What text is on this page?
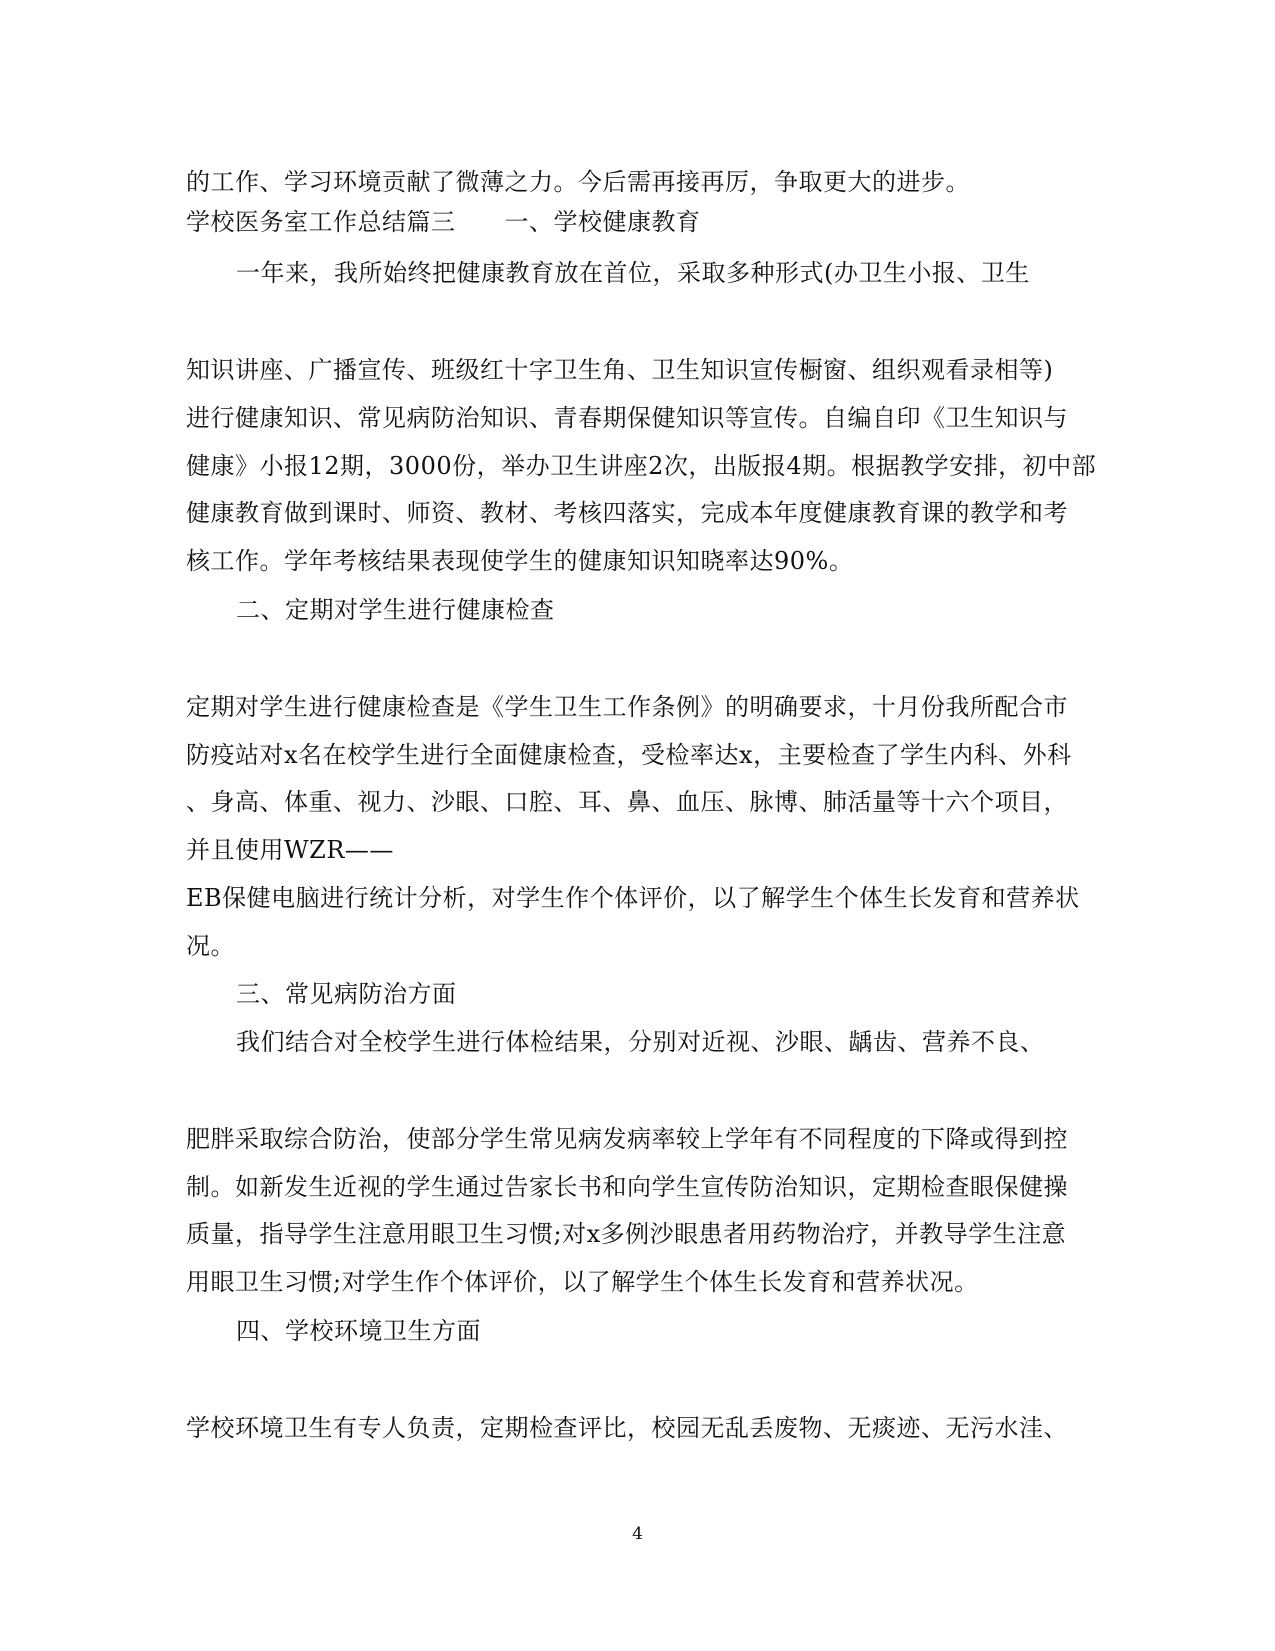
的工作、学习环境贡献了微薄之力。今后需再接再厉，争取更大的进步。
学校医务室工作总结篇三　　一、学校健康教育
一年来，我所始终把健康教育放在首位，采取多种形式(办卫生小报、卫生
知识讲座、广播宣传、班级红十字卫生角、卫生知识宣传橱窗、组织观看录相等)
进行健康知识、常见病防治知识、青春期保健知识等宣传。自编自印《卫生知识与
健康》小报12期，3000份，举办卫生讲座2次，出版报4期。根据教学安排，初中部
健康教育做到课时、师资、教材、考核四落实，完成本年度健康教育课的教学和考
核工作。学年考核结果表现使学生的健康知识知晓率达90%。
二、定期对学生进行健康检查
定期对学生进行健康检查是《学生卫生工作条例》的明确要求，十月份我所配合市
防疫站对x名在校学生进行全面健康检查，受检率达x，主要检查了学生内科、外科
、身高、体重、视力、沙眼、口腔、耳、鼻、血压、脉博、肺活量等十六个项目，
并且使用WZR——
EB保健电脑进行统计分析，对学生作个体评价，以了解学生个体生长发育和营养状
况。
三、常见病防治方面
我们结合对全校学生进行体检结果，分别对近视、沙眼、龋齿、营养不良、
肥胖采取综合防治，使部分学生常见病发病率较上学年有不同程度的下降或得到控
制。如新发生近视的学生通过告家长书和向学生宣传防治知识，定期检查眼保健操
质量，指导学生注意用眼卫生习惯;对x多例沙眼患者用药物治疗，并教导学生注意
用眼卫生习惯;对学生作个体评价，以了解学生个体生长发育和营养状况。
四、学校环境卫生方面
学校环境卫生有专人负责，定期检查评比，校园无乱丢废物、无痰迹、无污水洼、
4
